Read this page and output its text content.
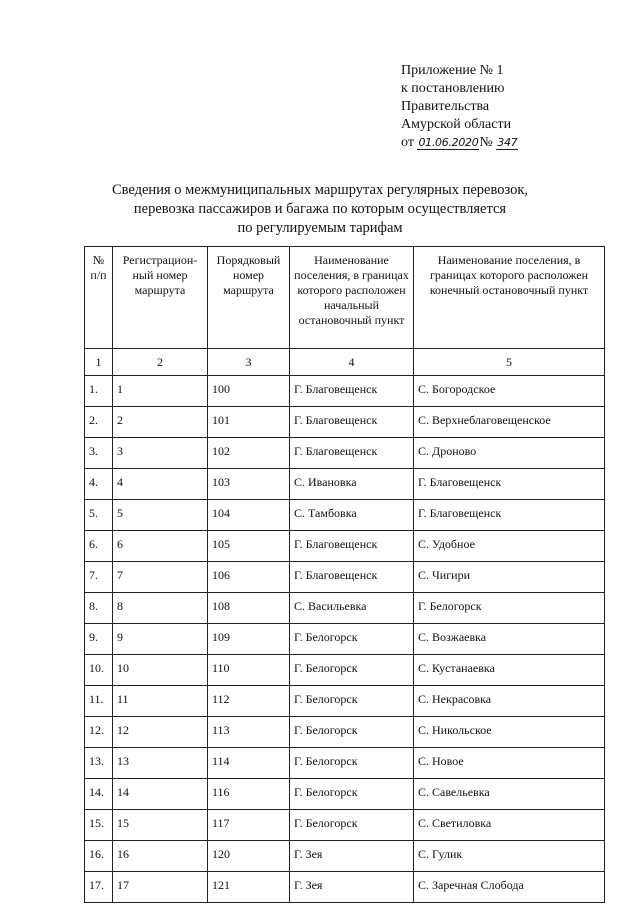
Приложение № 1
к постановлению
Правительства
Амурской области
от 01.06.2020№ 347
Сведения о межмуниципальных маршрутах регулярных перевозок,
перевозка пассажиров и багажа по которым осуществляется
по регулируемым тарифам
№ п/п	Регистрацион-ный номер маршрута	Порядковый номер маршрута	Наименование поселения, в границах которого расположен начальный остановочный пункт	Наименование поселения, в границах которого расположен конечный остановочный пункт
1	2	3	4	5
1.	1	100	Г. Благовещенск	С. Богородское
2.	2	101	Г. Благовещенск	С. Верхнеблаговещенское
3.	3	102	Г. Благовещенск	С. Дроново
4.	4	103	С. Ивановка	Г. Благовещенск
5.	5	104	С. Тамбовка	Г. Благовещенск
6.	6	105	Г. Благовещенск	С. Удобное
7.	7	106	Г. Благовещенск	С. Чигири
8.	8	108	С. Васильевка	Г. Белогорск
9.	9	109	Г. Белогорск	С. Возжаевка
10.	10	110	Г. Белогорск	С. Кустанаевка
11.	11	112	Г. Белогорск	С. Некрасовка
12.	12	113	Г. Белогорск	С. Никольское
13.	13	114	Г. Белогорск	С. Новое
14.	14	116	Г. Белогорск	С. Савельевка
15.	15	117	Г. Белогорск	С. Светиловка
16.	16	120	Г. Зея	С. Гулик
17.	17	121	Г. Зея	С. Заречная Слобода
